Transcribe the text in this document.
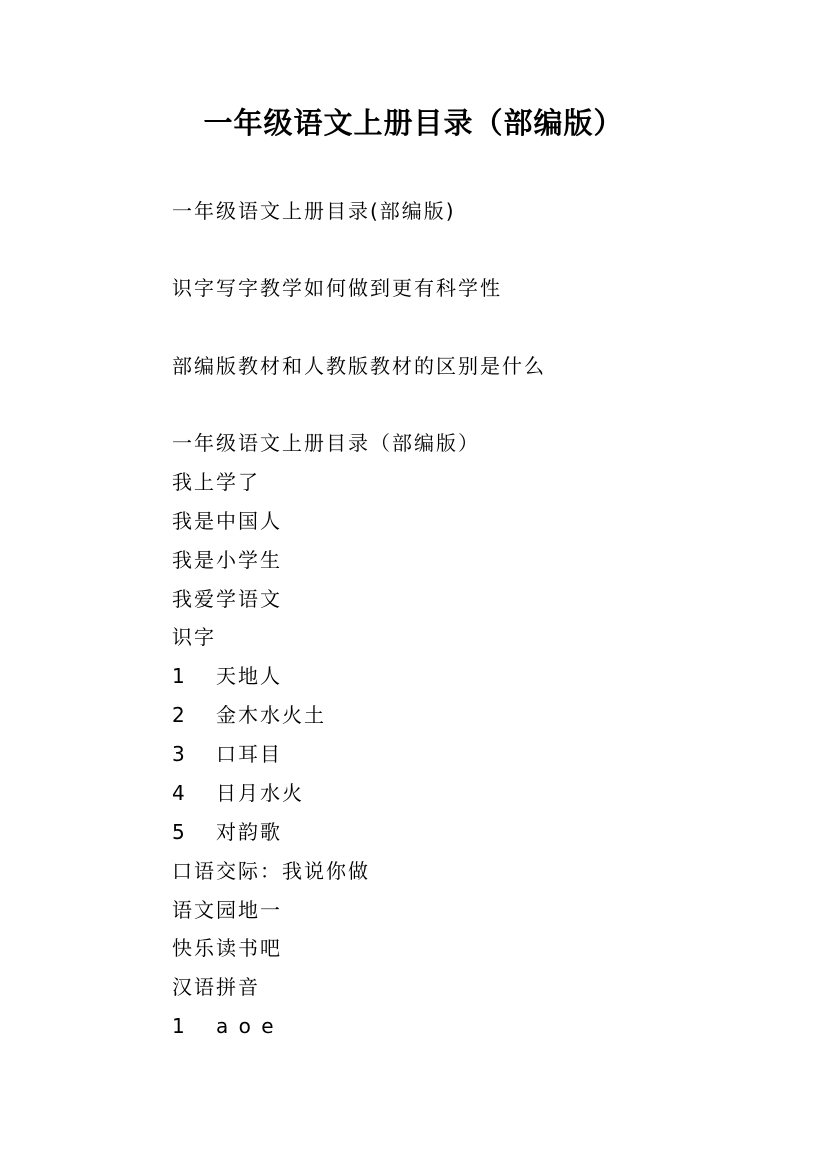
一年级语文上册目录（部编版）
一年级语文上册目录(部编版)
识字写字教学如何做到更有科学性
部编版教材和人教版教材的区别是什么
一年级语文上册目录（部编版）
我上学了
我是中国人
我是小学生
我爱学语文
识字
1 天地人
2 金木水火土
3 口耳目
4 日月水火
5 对韵歌
口语交际：我说你做
语文园地一
快乐读书吧
汉语拼音
1 a o e
